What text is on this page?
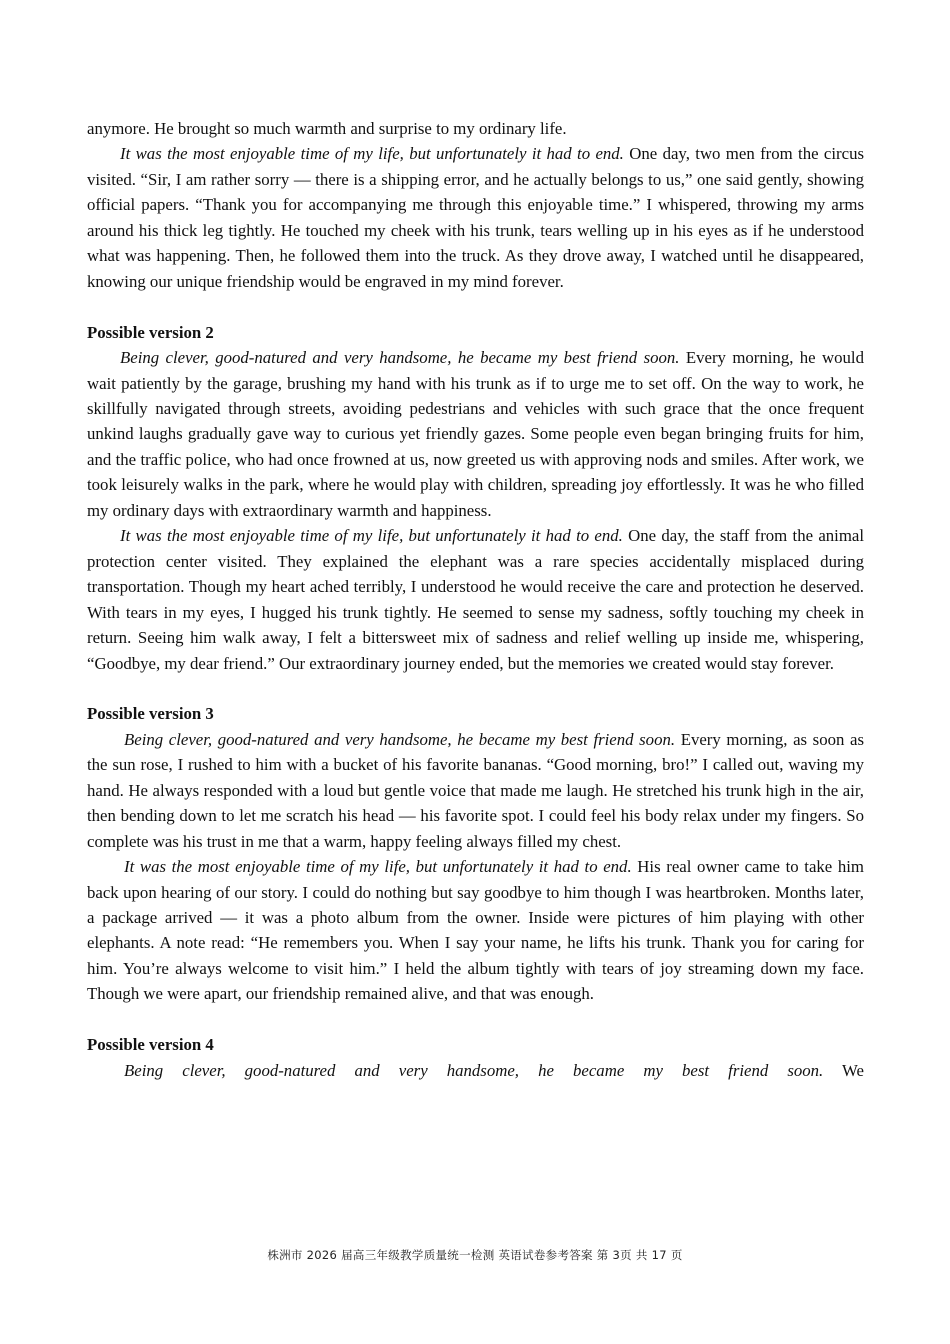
anymore. He brought so much warmth and surprise to my ordinary life.

It was the most enjoyable time of my life, but unfortunately it had to end. One day, two men from the circus visited. “Sir, I am rather sorry — there is a shipping error, and he actually belongs to us,” one said gently, showing official papers. “Thank you for accompanying me through this enjoyable time.” I whispered, throwing my arms around his thick leg tightly. He touched my cheek with his trunk, tears welling up in his eyes as if he understood what was happening. Then, he followed them into the truck. As they drove away, I watched until he disappeared, knowing our unique friendship would be engraved in my mind forever.

Possible version 2

Being clever, good-natured and very handsome, he became my best friend soon. Every morning, he would wait patiently by the garage, brushing my hand with his trunk as if to urge me to set off. On the way to work, he skillfully navigated through streets, avoiding pedestrians and vehicles with such grace that the once frequent unkind laughs gradually gave way to curious yet friendly gazes. Some people even began bringing fruits for him, and the traffic police, who had once frowned at us, now greeted us with approving nods and smiles. After work, we took leisurely walks in the park, where he would play with children, spreading joy effortlessly. It was he who filled my ordinary days with extraordinary warmth and happiness.

It was the most enjoyable time of my life, but unfortunately it had to end. One day, the staff from the animal protection center visited. They explained the elephant was a rare species accidentally misplaced during transportation. Though my heart ached terribly, I understood he would receive the care and protection he deserved. With tears in my eyes, I hugged his trunk tightly. He seemed to sense my sadness, softly touching my cheek in return. Seeing him walk away, I felt a bittersweet mix of sadness and relief welling up inside me, whispering, “Goodbye, my dear friend.” Our extraordinary journey ended, but the memories we created would stay forever.

Possible version 3

Being clever, good-natured and very handsome, he became my best friend soon. Every morning, as soon as the sun rose, I rushed to him with a bucket of his favorite bananas. “Good morning, bro!” I called out, waving my hand. He always responded with a loud but gentle voice that made me laugh. He stretched his trunk high in the air, then bending down to let me scratch his head — his favorite spot. I could feel his body relax under my fingers. So complete was his trust in me that a warm, happy feeling always filled my chest.

It was the most enjoyable time of my life, but unfortunately it had to end. His real owner came to take him back upon hearing of our story. I could do nothing but say goodbye to him though I was heartbroken. Months later, a package arrived — it was a photo album from the owner. Inside were pictures of him playing with other elephants. A note read: “He remembers you. When I say your name, he lifts his trunk. Thank you for caring for him. You’re always welcome to visit him.” I held the album tightly with tears of joy streaming down my face. Though we were apart, our friendship remained alive, and that was enough.

Possible version 4

Being clever, good-natured and very handsome, he became my best friend soon. We

株洲市 2026 届高三年级教学质量统一检测 英语试卷参考答案 第 3页 共 17 页
